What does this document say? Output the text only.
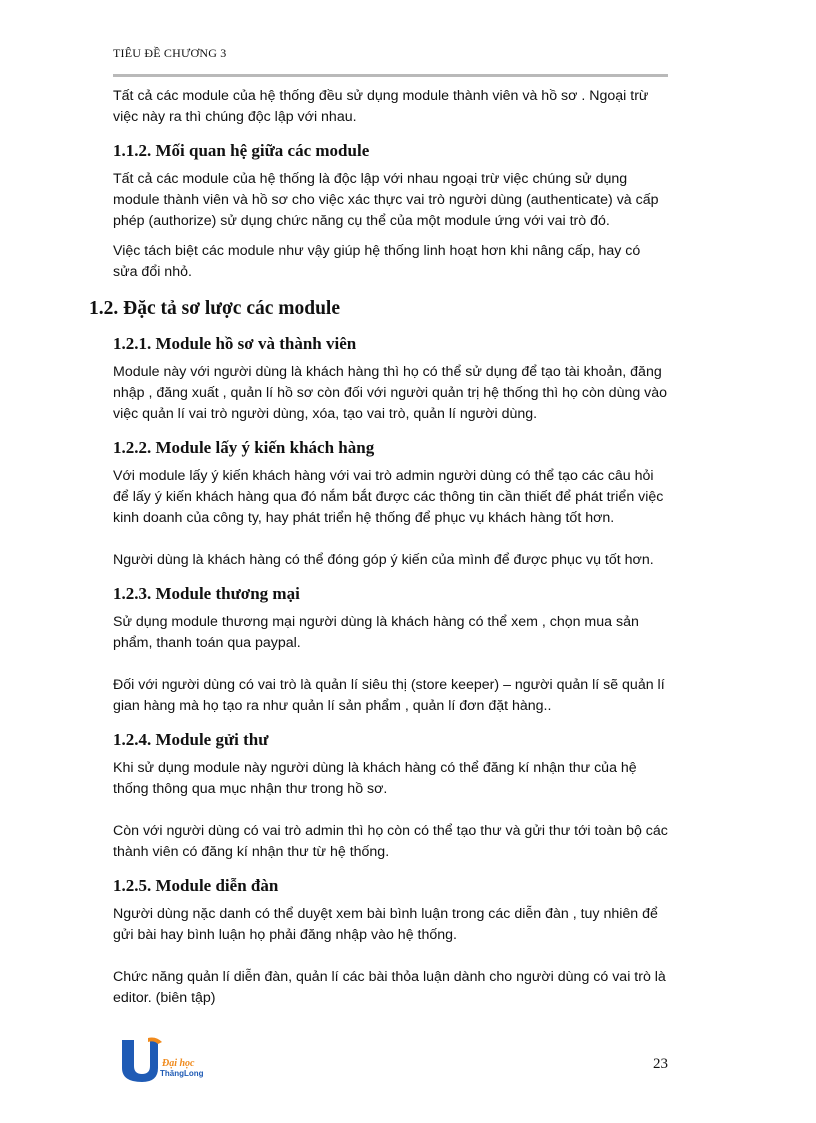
TIÊU ĐỀ CHƯƠNG 3

Tất cả các module của hệ thống đều sử dụng module thành viên và hồ sơ . Ngoại trừ việc này ra thì chúng độc lập với nhau.

1.1.2. Mối quan hệ giữa các module

Tất cả các module của hệ thống là độc lập với nhau ngoại trừ việc chúng sử dụng module thành viên và hồ sơ cho việc xác thực vai trò người dùng (authenticate) và cấp phép (authorize) sử dụng chức năng cụ thể của một module ứng với vai trò đó.

Việc tách biệt các module như vậy giúp hệ thống linh hoạt hơn khi nâng cấp, hay có sửa đổi nhỏ.

1.2. Đặc tả sơ lược các module
1.2.1. Module hồ sơ và thành viên

Module này với người dùng là khách hàng thì họ có thể sử dụng để tạo tài khoản, đăng nhập , đăng xuất , quản lí hồ sơ còn đối với người quản trị hệ thống thì họ còn dùng vào việc quản lí vai trò người dùng, xóa, tạo vai trò, quản lí người dùng.

1.2.2. Module lấy ý kiến khách hàng

Với module lấy ý kiến khách hàng với vai trò admin người dùng có thể tạo các câu hỏi để lấy ý kiến khách hàng qua đó nắm bắt được các thông tin cần thiết để phát triển việc kinh doanh của công ty, hay phát triển hệ thống để phục vụ khách hàng tốt hơn.

Người dùng là khách hàng có thể đóng góp ý kiến của mình để được phục vụ tốt hơn.

1.2.3. Module thương mại

Sử dụng module thương mại người dùng là khách hàng có thể xem , chọn mua sản phẩm, thanh toán qua paypal.

Đối với người dùng có vai trò là quản lí siêu thị (store keeper) – người quản lí sẽ quản lí gian hàng mà họ tạo ra như quản lí sản phẩm , quản lí đơn đặt hàng..

1.2.4. Module gửi thư

Khi sử dụng module này người dùng là khách hàng có thể đăng kí nhận thư của hệ thống thông qua mục nhận thư trong hồ sơ.

Còn với người dùng có vai trò admin thì họ còn có thể tạo thư và gửi thư tới toàn bộ các thành viên có đăng kí nhận thư từ hệ thống.

1.2.5. Module diễn đàn

Người dùng nặc danh có thể duyệt xem bài bình luận trong các diễn đàn , tuy nhiên để gửi bài hay bình luận họ phải đăng nhập vào hệ thống.

Chức năng quản lí diễn đàn, quản lí các bài thỏa luận dành cho người dùng có vai trò là editor. (biên tập)

Đại học
ThăngLong
23
